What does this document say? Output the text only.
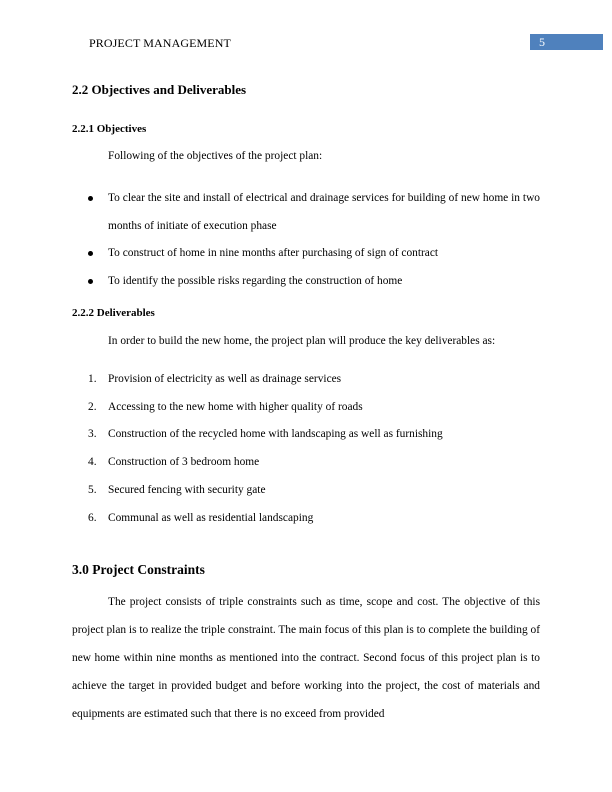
PROJECT MANAGEMENT	5
2.2 Objectives and Deliverables
2.2.1 Objectives
Following of the objectives of the project plan:
To clear the site and install of electrical and drainage services for building of new home in two months of initiate of execution phase
To construct of home in nine months after purchasing of sign of contract
To identify the possible risks regarding the construction of home
2.2.2 Deliverables
In order to build the new home, the project plan will produce the key deliverables as:
1. Provision of electricity as well as drainage services
2. Accessing to the new home with higher quality of roads
3. Construction of the recycled home with landscaping as well as furnishing
4. Construction of 3 bedroom home
5. Secured fencing with security gate
6. Communal as well as residential landscaping
3.0 Project Constraints

The project consists of triple constraints such as time, scope and cost. The objective of this project plan is to realize the triple constraint. The main focus of this plan is to complete the building of new home within nine months as mentioned into the contract. Second focus of this project plan is to achieve the target in provided budget and before working into the project, the cost of materials and equipments are estimated such that there is no exceed from provided
